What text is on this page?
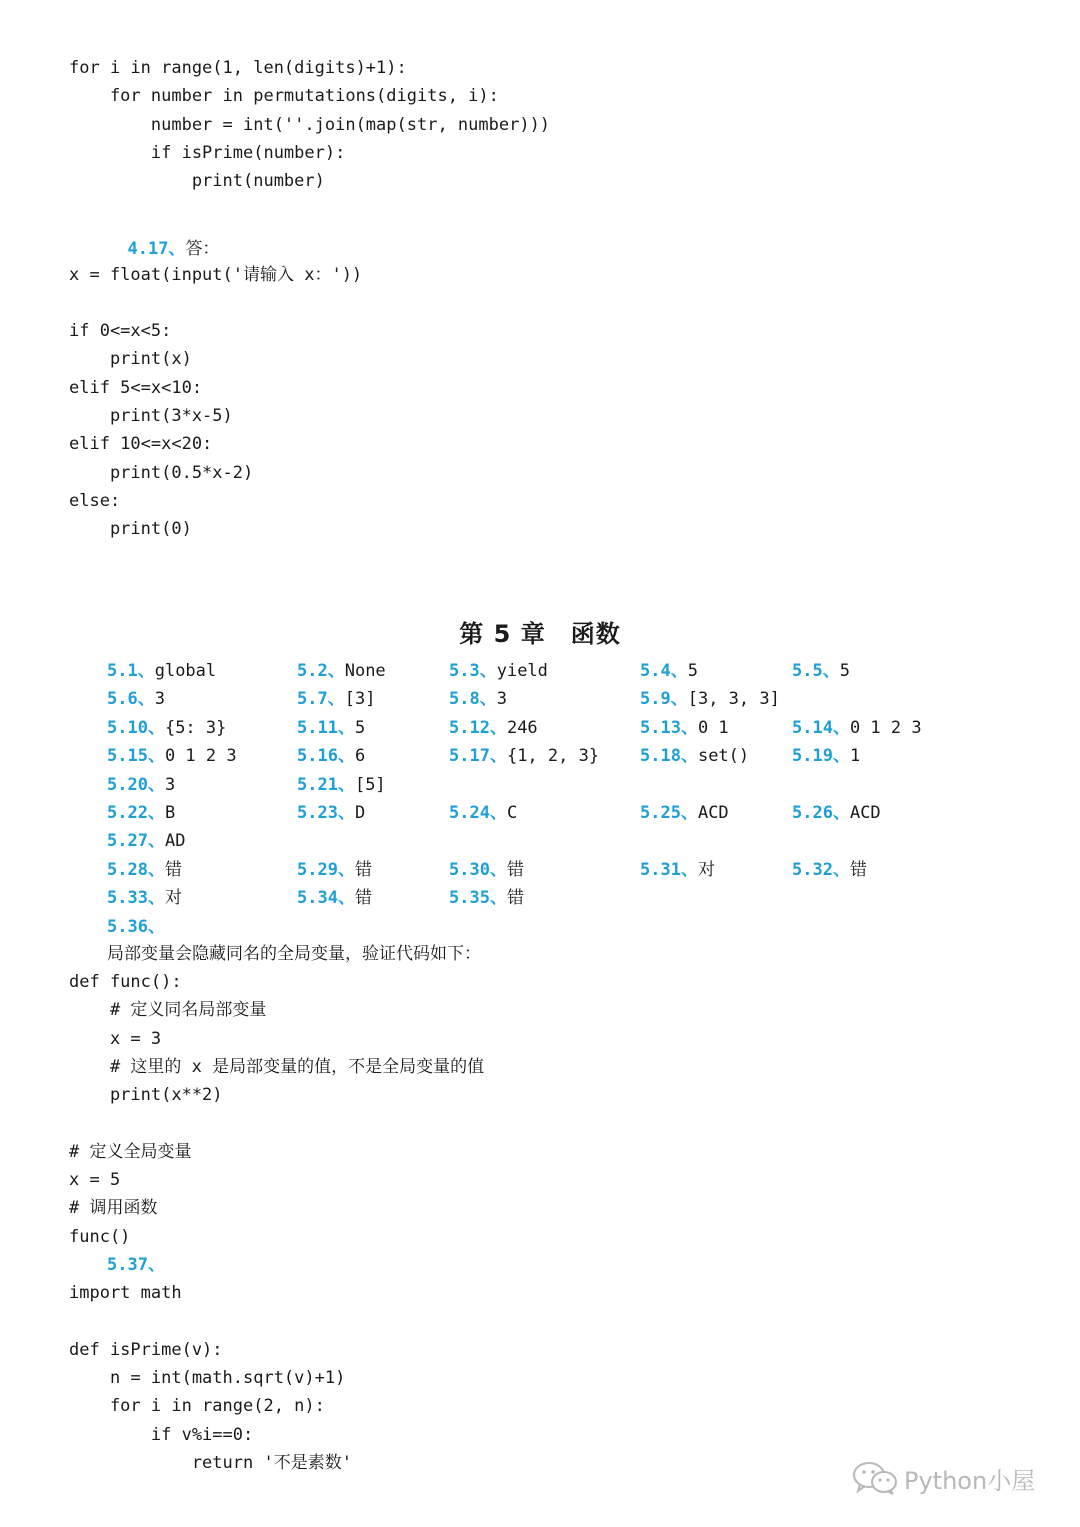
for i in range(1, len(digits)+1):
for number in permutations(digits, i):
number = int(''.join(map(str, number)))
if isPrime(number):
print(number)

4.17、答：

x = float(input('请输入 x：'))
if 0<=x<5:
print(x)
elif 5<=x<10:
print(3*x-5)
elif 10<=x<20:
print(0.5*x-2)
else:
print(0)
第 5 章　函数
5.1、global	5.2、None	5.3、yield	5.4、5	5.5、5
5.6、3	5.7、[3]	5.8、3	5.9、[3, 3, 3]
5.10、{5: 3}	5.11、5	5.12、246	5.13、0 1	5.14、0 1 2 3
5.15、0 1 2 3	5.16、6	5.17、{1, 2, 3} 5.18、set()	5.19、1
5.20、3	5.21、[5]
5.22、B	5.23、D	5.24、C	5.25、ACD	5.26、ACD
5.27、AD
5.28、错	5.29、错	5.30、错	5.31、对	5.32、错
5.33、对	5.34、错	5.35、错
5.36、
局部变量会隐藏同名的全局变量，验证代码如下：
def func():
# 定义同名局部变量
x = 3
# 这里的 x 是局部变量的值，不是全局变量的值
print(x**2)
# 定义全局变量
x = 5
# 调用函数
func()
5.37、
import math
def isPrime(v):
n = int(math.sqrt(v)+1)
for i in range(2, n):
if v%i==0:
return '不是素数'
Python小屋
